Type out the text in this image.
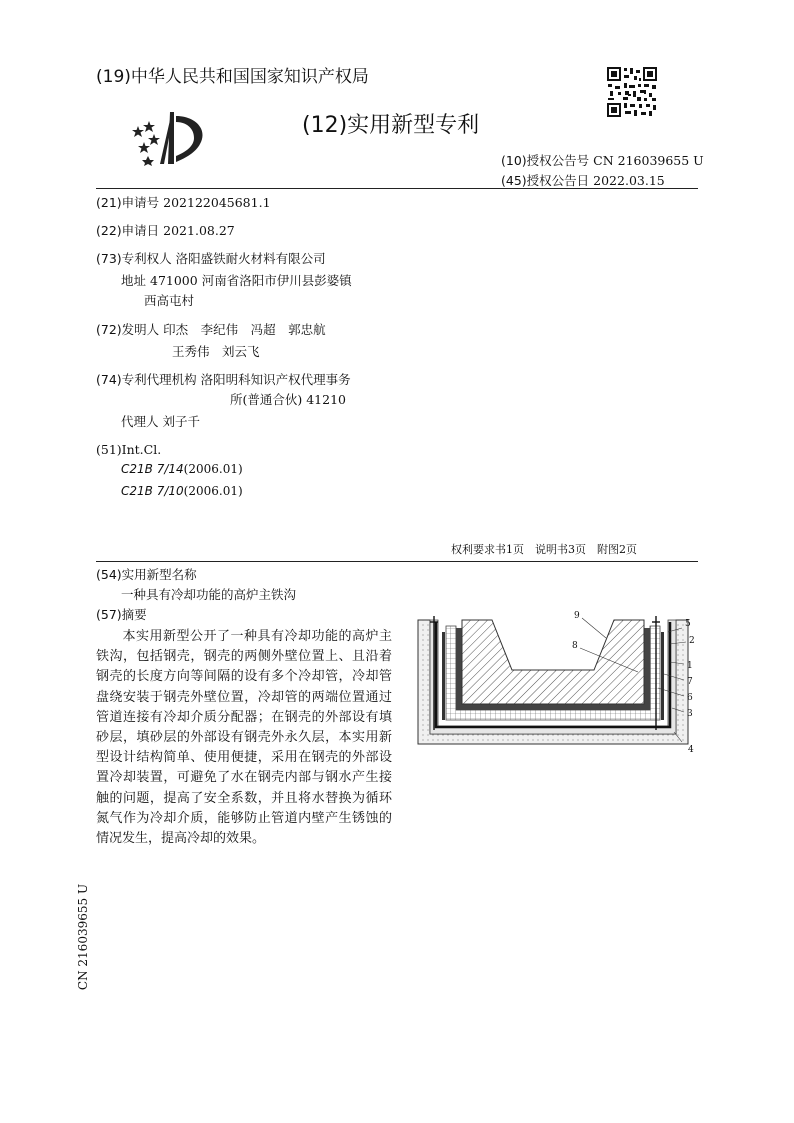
(19)中华人民共和国国家知识产权局
(12)实用新型专利
(10)授权公告号 CN 216039655 U
(45)授权公告日 2022.03.15
(21)申请号 202122045681.1
(22)申请日 2021.08.27
(73)专利权人 洛阳盛铁耐火材料有限公司
地址 471000 河南省洛阳市伊川县彭婆镇
西高屯村
(72)发明人 印杰　李纪伟　冯超　郭忠航
王秀伟　刘云飞
(74)专利代理机构 洛阳明科知识产权代理事务
所(普通合伙) 41210
代理人 刘子千
(51)Int.Cl.
C21B 7/14(2006.01)
C21B 7/10(2006.01)
权利要求书1页　说明书3页　附图2页
(54)实用新型名称
一种具有冷却功能的高炉主铁沟
(57)摘要
本实用新型公开了一种具有冷却功能的高炉主铁沟，包括钢壳，钢壳的两侧外壁位置上、且沿着钢壳的长度方向等间隔的设有多个冷却管，冷却管盘绕安装于钢壳外壁位置，冷却管的两端位置通过管道连接有冷却介质分配器；在钢壳的外部设有填砂层，填砂层的外部设有钢壳外永久层，本实用新型设计结构简单、使用便捷，采用在钢壳的外部设置冷却装置，可避免了水在钢壳内部与钢水产生接触的问题，提高了安全系数，并且将水替换为循环氮气作为冷却介质，能够防止管道内壁产生锈蚀的情况发生，提高冷却的效果。
9
8
5
2
1
7
6
3
4
CN 216039655 U
